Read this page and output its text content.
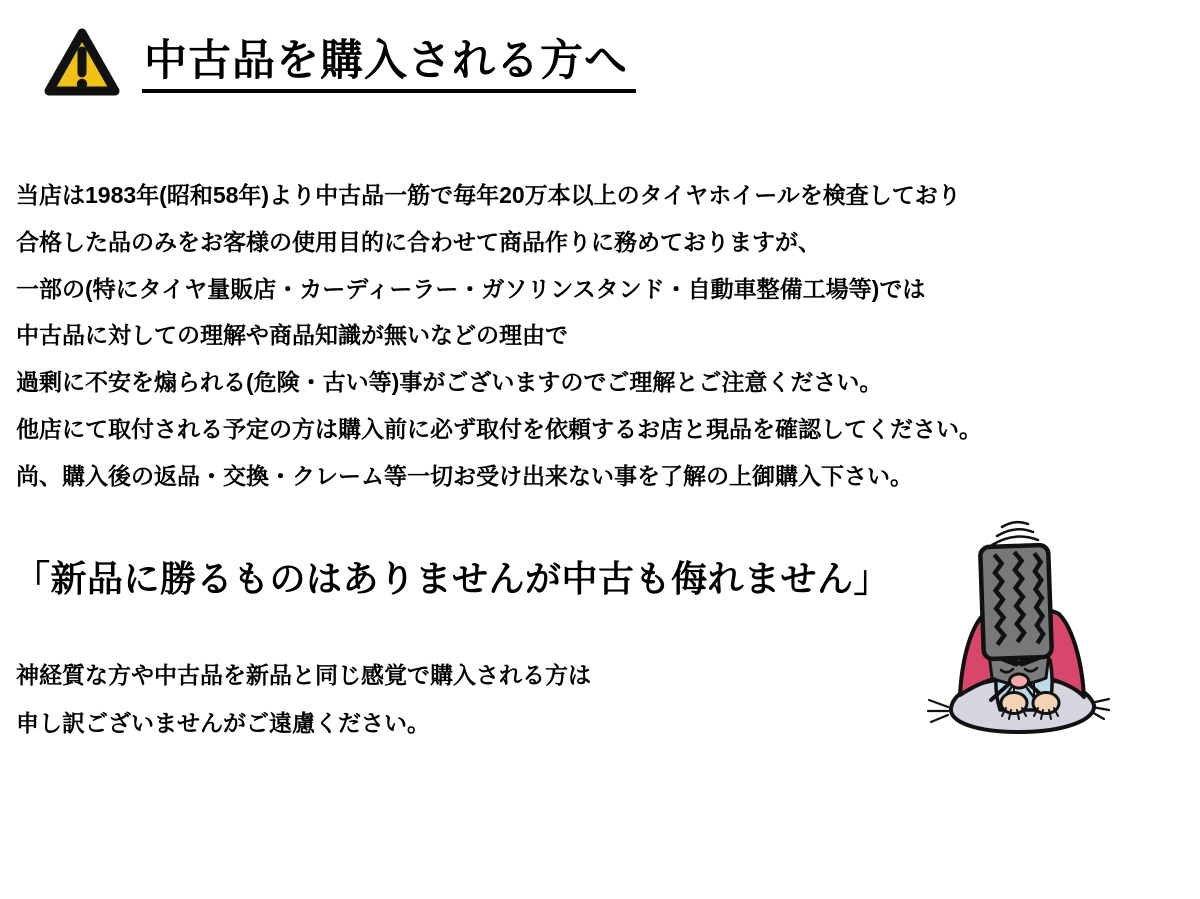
中古品を購入される方へ

当店は1983年(昭和58年)より中古品一筋で毎年20万本以上のタイヤホイールを検査しており

合格した品のみをお客様の使用目的に合わせて商品作りに務めておりますが、

一部の(特にタイヤ量販店・カーディーラー・ガソリンスタンド・自動車整備工場等)では

中古品に対しての理解や商品知識が無いなどの理由で

過剰に不安を煽られる(危険・古い等)事がございますのでご理解とご注意ください。

他店にて取付される予定の方は購入前に必ず取付を依頼するお店と現品を確認してください。

尚、購入後の返品・交換・クレーム等一切お受け出来ない事を了解の上御購入下さい。

「新品に勝るものはありませんが中古も侮れません」

神経質な方や中古品を新品と同じ感覚で購入される方は

申し訳ございませんがご遠慮ください。
